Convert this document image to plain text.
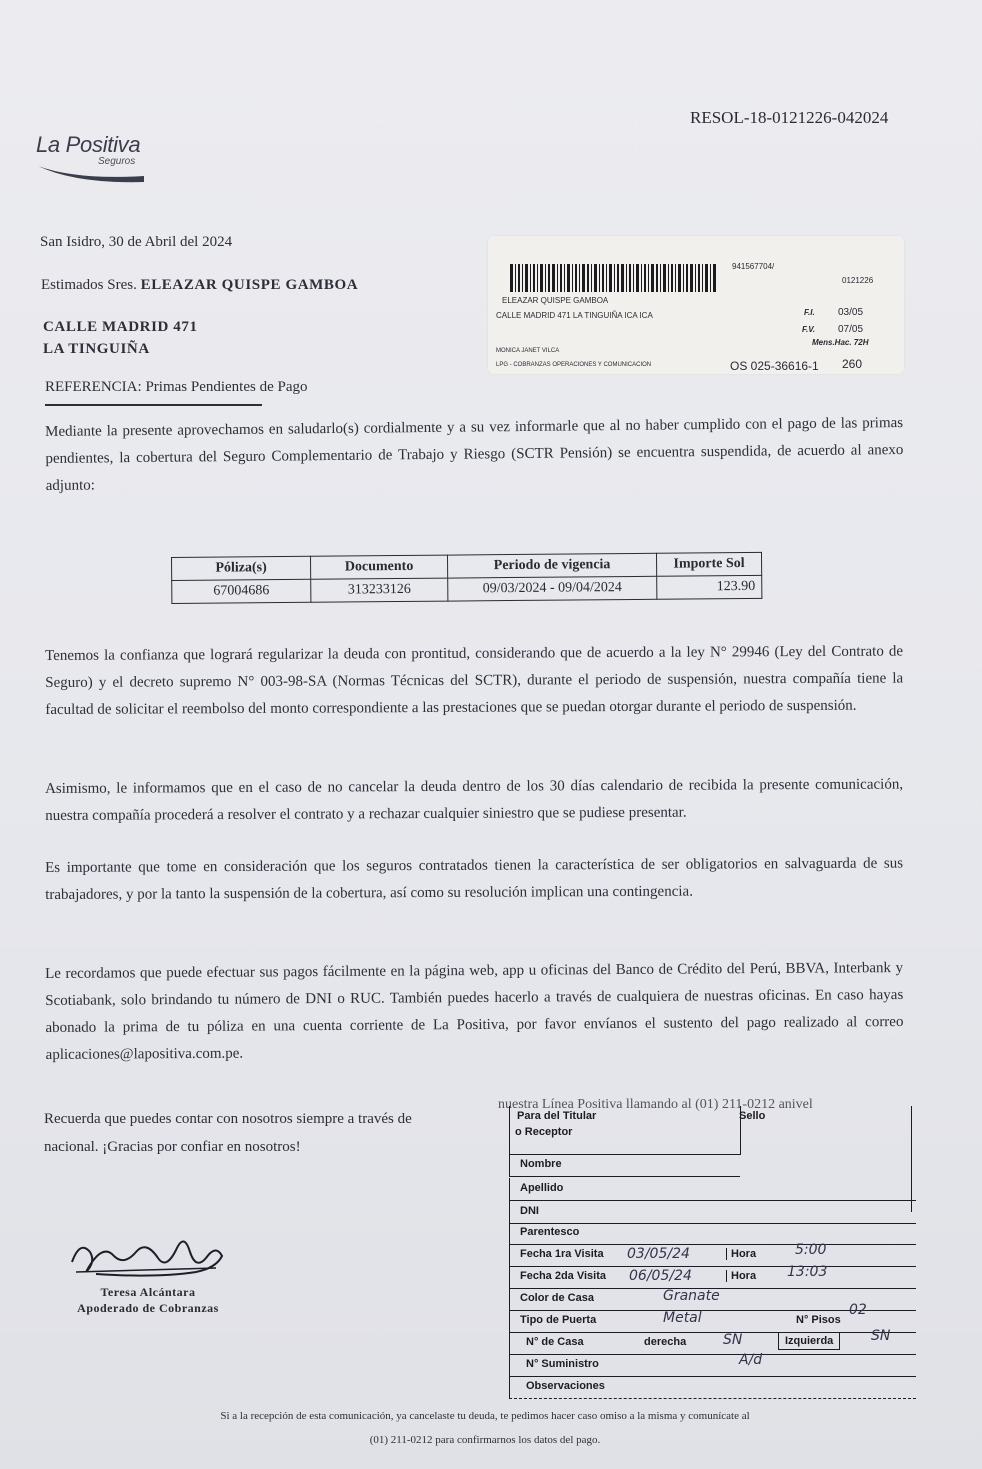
La Positiva
Seguros
RESOL-18-0121226-042024
San Isidro, 30 de Abril del 2024
Estimados Sres. ELEAZAR QUISPE GAMBOA
CALLE MADRID 471
LA TINGUIÑA
REFERENCIA: Primas Pendientes de Pago
941567704/
0121226
ELEAZAR QUISPE GAMBOA
CALLE MADRID 471 LA TINGUIÑA ICA ICA	F.I. 03/05
F.V. 07/05
Mens.Hac. 72H
MONICA JANET VILCA
LPG - COBRANZAS OPERACIONES Y COMUNICACION	OS 025-36616-1 260
Mediante la presente aprovechamos en saludarlo(s) cordialmente y a su vez informarle que al no haber cumplido con el pago de las primas pendientes, la cobertura del Seguro Complementario de Trabajo y Riesgo (SCTR Pensión) se encuentra suspendida, de acuerdo al anexo adjunto:
Póliza(s)	Documento	Periodo de vigencia	Importe Sol
67004686	313233126	09/03/2024 - 09/04/2024	123.90
Tenemos la confianza que logrará regularizar la deuda con prontitud, considerando que de acuerdo a la ley N° 29946 (Ley del Contrato de Seguro) y el decreto supremo N° 003-98-SA (Normas Técnicas del SCTR), durante el periodo de suspensión, nuestra compañía tiene la facultad de solicitar el reembolso del monto correspondiente a las prestaciones que se puedan otorgar durante el periodo de suspensión.
Asimismo, le informamos que en el caso de no cancelar la deuda dentro de los 30 días calendario de recibida la presente comunicación, nuestra compañía procederá a resolver el contrato y a rechazar cualquier siniestro que se pudiese presentar.
Es importante que tome en consideración que los seguros contratados tienen la característica de ser obligatorios en salvaguarda de sus trabajadores, y por la tanto la suspensión de la cobertura, así como su resolución implican una contingencia.
Le recordamos que puede efectuar sus pagos fácilmente en la página web, app u oficinas del Banco de Crédito del Perú, BBVA, Interbank y Scotiabank, solo brindando tu número de DNI o RUC. También puedes hacerlo a través de cualquiera de nuestras oficinas. En caso hayas abonado la prima de tu póliza en una cuenta corriente de La Positiva, por favor envíanos el sustento del pago realizado al correo aplicaciones@lapositiva.com.pe.
Recuerda que puedes contar con nosotros siempre a través de
nacional. ¡Gracias por confiar en nosotros!
nuestra Línea Positiva llamando al (01) 211-0212 anivel
Teresa Alcántara
Apoderado de Cobranzas
Para del Titular
o Receptor
Sello
Nombre
Apellido
DNI
Parentesco
Fecha 1ra Visita	Hora
03/05/24	5:00
Fecha 2da Visita	Hora
06/05/24	13:03
Color de Casa	Granate
Tipo de Puerta	N° Pisos
Metal	02
N° de Casa	derecha	Izquierda
SN	SN
N° Suministro	A/d
Observaciones
Si a la recepción de esta comunicación, ya cancelaste tu deuda, te pedimos hacer caso omiso a la misma y comunícate al
(01) 211-0212 para confirmarnos los datos del pago.
